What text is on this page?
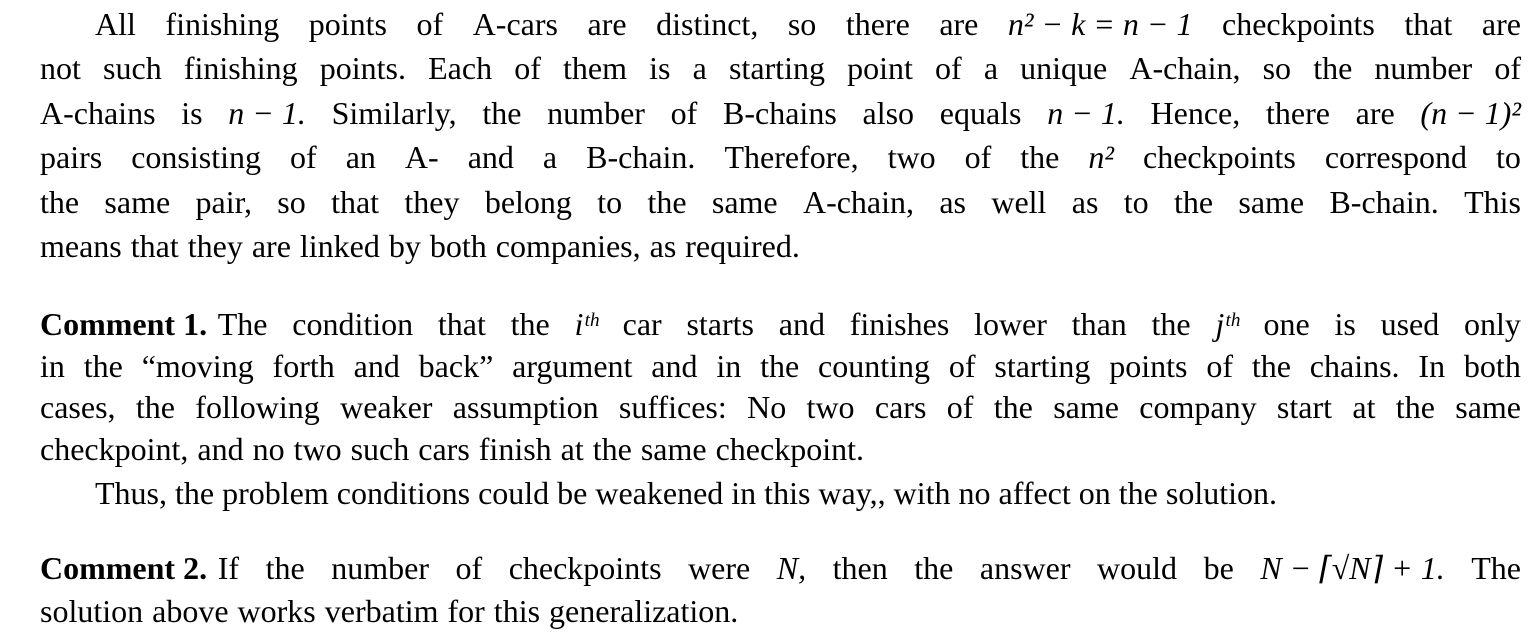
All finishing points of A-cars are distinct, so there are n² − k = n − 1 checkpoints that are
not such finishing points. Each of them is a starting point of a unique A-chain, so the number of
A-chains is n − 1. Similarly, the number of B-chains also equals n − 1. Hence, there are (n − 1)²
pairs consisting of an A- and a B-chain. Therefore, two of the n² checkpoints correspond to
the same pair, so that they belong to the same A-chain, as well as to the same B-chain. This
means that they are linked by both companies, as required.
Comment 1.  The condition that the iᵗʰ car starts and finishes lower than the jᵗʰ one is used only
in the “moving forth and back” argument and in the counting of starting points of the chains. In both
cases, the following weaker assumption suffices: No two cars of the same company start at the same
checkpoint, and no two such cars finish at the same checkpoint.
Thus, the problem conditions could be weakened in this way,, with no affect on the solution.
Comment 2.  If the number of checkpoints were N, then the answer would be N − ⌈√N⌉ + 1. The
solution above works verbatim for this generalization.
